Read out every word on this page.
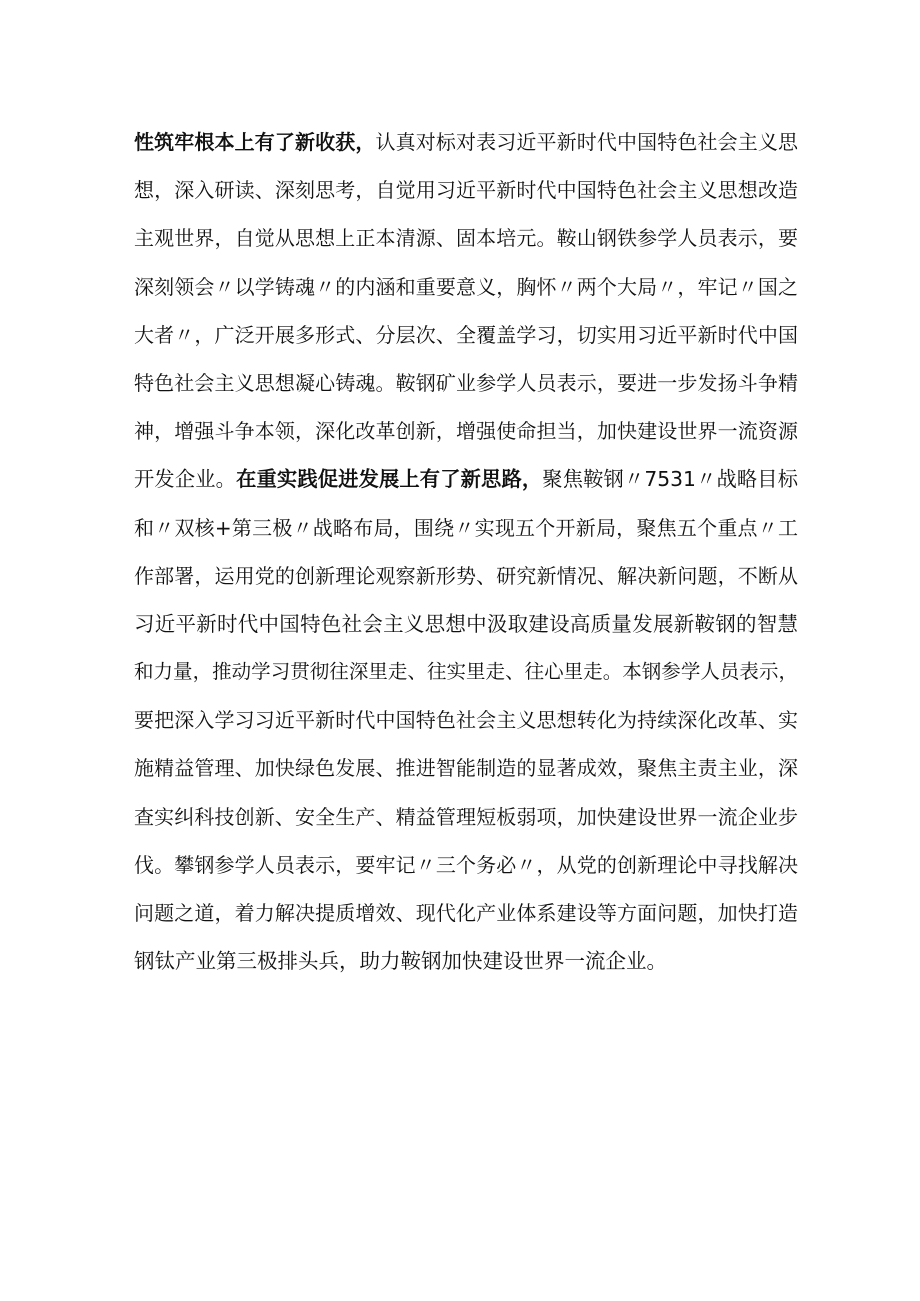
性筑牢根本上有了新收获，认真对标对表习近平新时代中国特色社会主义思
想，深入研读、深刻思考，自觉用习近平新时代中国特色社会主义思想改造
主观世界，自觉从思想上正本清源、固本培元。鞍山钢铁参学人员表示，要
深刻领会〃以学铸魂〃的内涵和重要意义，胸怀〃两个大局〃，牢记〃国之
大者〃，广泛开展多形式、分层次、全覆盖学习，切实用习近平新时代中国
特色社会主义思想凝心铸魂。鞍钢矿业参学人员表示，要进一步发扬斗争精
神，增强斗争本领，深化改革创新，增强使命担当，加快建设世界一流资源
开发企业。在重实践促进发展上有了新思路，聚焦鞍钢〃7531〃战略目标
和〃双核+第三极〃战略布局，围绕〃实现五个开新局，聚焦五个重点〃工
作部署，运用党的创新理论观察新形势、研究新情况、解决新问题，不断从
习近平新时代中国特色社会主义思想中汲取建设高质量发展新鞍钢的智慧
和力量，推动学习贯彻往深里走、往实里走、往心里走。本钢参学人员表示，
要把深入学习习近平新时代中国特色社会主义思想转化为持续深化改革、实
施精益管理、加快绿色发展、推进智能制造的显著成效，聚焦主责主业，深
查实纠科技创新、安全生产、精益管理短板弱项，加快建设世界一流企业步
伐。攀钢参学人员表示，要牢记〃三个务必〃，从党的创新理论中寻找解决
问题之道，着力解决提质增效、现代化产业体系建设等方面问题，加快打造
钢钛产业第三极排头兵，助力鞍钢加快建设世界一流企业。
